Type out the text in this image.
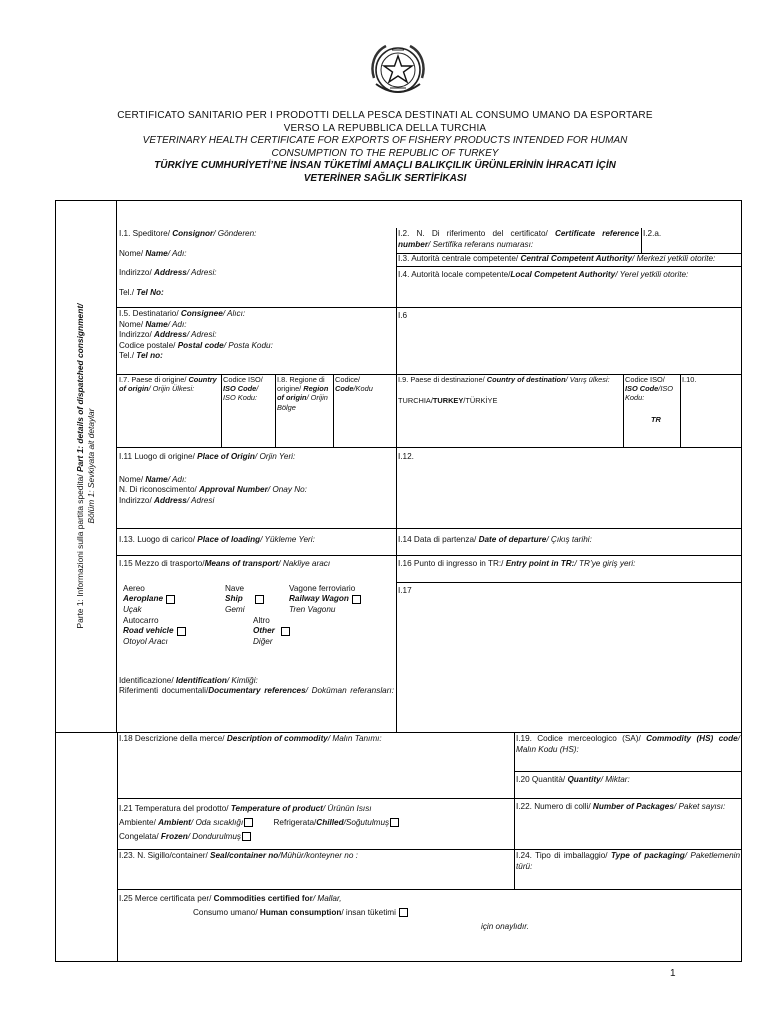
CERTIFICATO SANITARIO PER I PRODOTTI DELLA PESCA DESTINATI AL CONSUMO UMANO DA ESPORTARE
VERSO LA REPUBBLICA DELLA TURCHIA
VETERINARY HEALTH CERTIFICATE FOR EXPORTS OF FISHERY PRODUCTS INTENDED FOR HUMAN
CONSUMPTION TO THE REPUBLIC OF TURKEY
TÜRKİYE CUMHURİYETİ’NE İNSAN TÜKETİMİ AMAÇLI BALIKÇILIK ÜRÜNLERİNİN İHRACATI İÇİN
VETERİNER SAĞLIK SERTİFİKASI
Parte 1: Informazioni sulla partita spedita/ Part 1: details of dispatched consignment/ Bölüm 1: Sevkiyata ait detaylar
I.1. Speditore/ Consignor/ Gönderen:
Nome/ Name/ Adı:
Indirizzo/ Address/ Adresi:
Tel./ Tel No:
I.2. N. Di riferimento del certificato/ Certificate reference number/ Sertifika referans numarası:
I.2.a.
I.3. Autorità centrale competente/ Central Competent Authority/ Merkezi yetkili otorite:
I.4. Autorità locale competente/Local Competent Authority/ Yerel yetkili otorite:
I.5. Destinatario/ Consignee/ Alıcı:
Nome/ Name/ Adı:
Indirizzo/ Address/ Adresi:
Codice postale/ Postal code/ Posta Kodu:
Tel./ Tel no:
I.6
I.7. Paese di origine/ Country of origin/ Orijin Ülkesi:
Codice ISO/ ISO Code/ ISO Kodu:
I.8. Regione di origine/ Region of origin/ Orijin Bölge
Codice/ Code/Kodu
I.9. Paese di destinazione/ Country of destination/ Varış ülkesi:
TURCHIA/TURKEY/TÜRKİYE
Codice ISO/ ISO Code/ISO Kodu:
TR
I.10.
I.11 Luogo di origine/ Place of Origin/ Orjin Yeri:
Nome/ Name/ Adı:
N. Di riconoscimento/ Approval Number/ Onay No:
Indirizzo/ Address/ Adresi
I.12.
I.13. Luogo di carico/ Place of loading/ Yükleme Yeri:	I.14 Data di partenza/ Date of departure/ Çıkış tarihi:
I.15 Mezzo di trasporto/Means of transport/ Nakliye aracı
Aereo
Aeroplane
Uçak
Nave
Ship
Gemi
Vagone ferroviario
Railway Wagon
Tren Vagonu
Autocarro
Road vehicle
Otoyol Aracı
Altro
Other
Diğer
Identificazione/ Identification/ Kimliği:
Riferimenti documentali/Documentary references/ Doküman referansları:
I.16 Punto di ingresso in TR:/ Entry point in TR:/ TR’ye giriş yeri:
I.17
I.18 Descrizione della merce/ Description of commodity/ Malın Tanımı:	I.19. Codice merceologico (SA)/ Commodity (HS) code/ Malın Kodu (HS):
I.20 Quantità/ Quantity/ Miktar:
I.21 Temperatura del prodotto/ Temperature of product/ Ürünün Isısı
Ambiente/ Ambient/ Oda sıcaklığı	Refrigerata/Chilled/Soğutulmuş
Congelata/ Frozen/ Dondurulmuş
I.22. Numero di colli/ Number of Packages/ Paket sayısı:
I.23. N. Sigillo/container/ Seal/container no/Mühür/konteyner no :	I.24. Tipo di imballaggio/ Type of packaging/ Paketlemenin türü:
I.25 Merce certificata per/ Commodities certified for/ Mallar,
Consumo umano/ Human consumption/ insan tüketimi
için onaylıdır.
1
